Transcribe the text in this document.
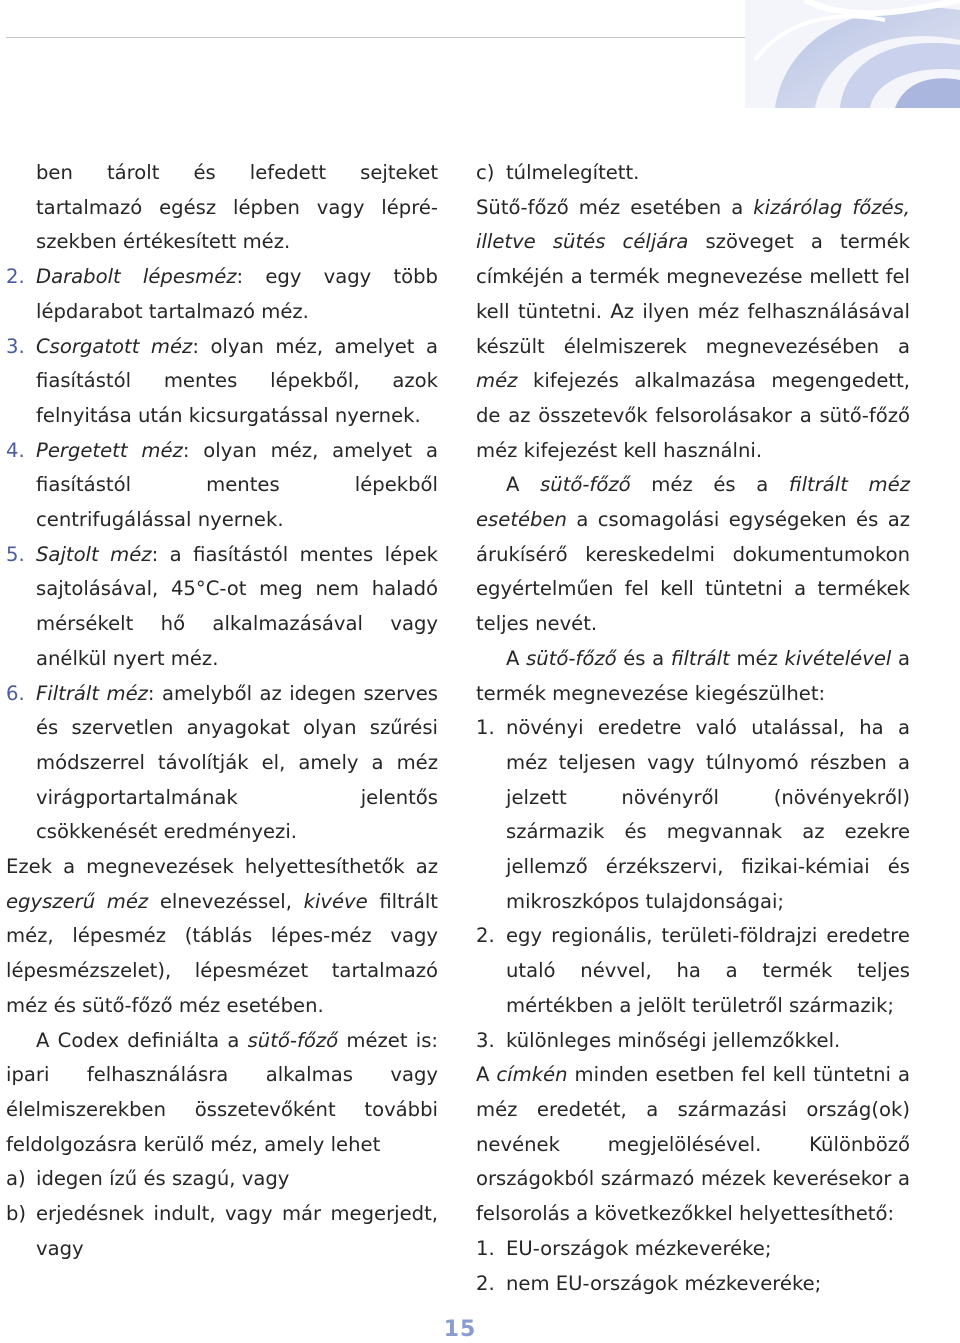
ben tárolt és lefedett sejteket tartalmazó egész lépben vagy léprészekben értékesített méz.

2. Darabolt lépesméz: egy vagy több lépdarabot tartalmazó méz.
3. Csorgatott méz: olyan méz, amelyet a fiasítástól mentes lépekből, azok felnyitása után kicsurgatással nyernek.
4. Pergetett méz: olyan méz, amelyet a fiasítástól mentes lépekből centrifugálással nyernek.
5. Sajtolt méz: a fiasítástól mentes lépek sajtolásával, 45°C-ot meg nem haladó mérsékelt hő alkalmazásával vagy anélkül nyert méz.
6. Filtrált méz: amelyből az idegen szerves és szervetlen anyagokat olyan szűrési módszerrel távolítják el, amely a méz virágportartalmának jelentős csökkenését eredményezi.

Ezek a megnevezések helyettesíthetők az egyszerű méz elnevezéssel, kivéve filtrált méz, lépesméz (táblás lépes-méz vagy lépesmézszelet), lépesmézet tartalmazó méz és sütő-főző méz esetében.

A Codex definiálta a sütő-főző mézet is: ipari felhasználásra alkalmas vagy élelmiszerekben összetevőként további feldolgozásra kerülő méz, amely lehet

a) idegen ízű és szagú, vagy
b) erjedésnek indult, vagy már megerjedt, vagy
c) túlmelegített.

Sütő-főző méz esetében a kizárólag főzés, illetve sütés céljára szöveget a termék címkéjén a termék megnevezése mellett fel kell tüntetni. Az ilyen méz felhasználásával készült élelmiszerek megnevezésében a méz kifejezés alkalmazása megengedett, de az összetevők felsorolásakor a sütő-főző méz kifejezést kell használni.

A sütő-főző méz és a filtrált méz esetében a csomagolási egységeken és az árukísérő kereskedelmi dokumentumokon egyértelműen fel kell tüntetni a termékek teljes nevét.

A sütő-főző és a filtrált méz kivételével a termék megnevezése kiegészülhet:

1. növényi eredetre való utalással, ha a méz teljesen vagy túlnyomó részben a jelzett növényről (növényekről) származik és megvannak az ezekre jellemző érzékszervi, fizikai-kémiai és mikroszkópos tulajdonságai;
2. egy regionális, területi-földrajzi eredetre utaló névvel, ha a termék teljes mértékben a jelölt területről származik;
3. különleges minőségi jellemzőkkel.

A címkén minden esetben fel kell tüntetni a méz eredetét, a származási ország(ok) nevének megjelölésével. Különböző országokból származó mézek keverésekor a felsorolás a következőkkel helyettesíthető:

1. EU-országok mézkeveréke;
2. nem EU-országok mézkeveréke;
15
